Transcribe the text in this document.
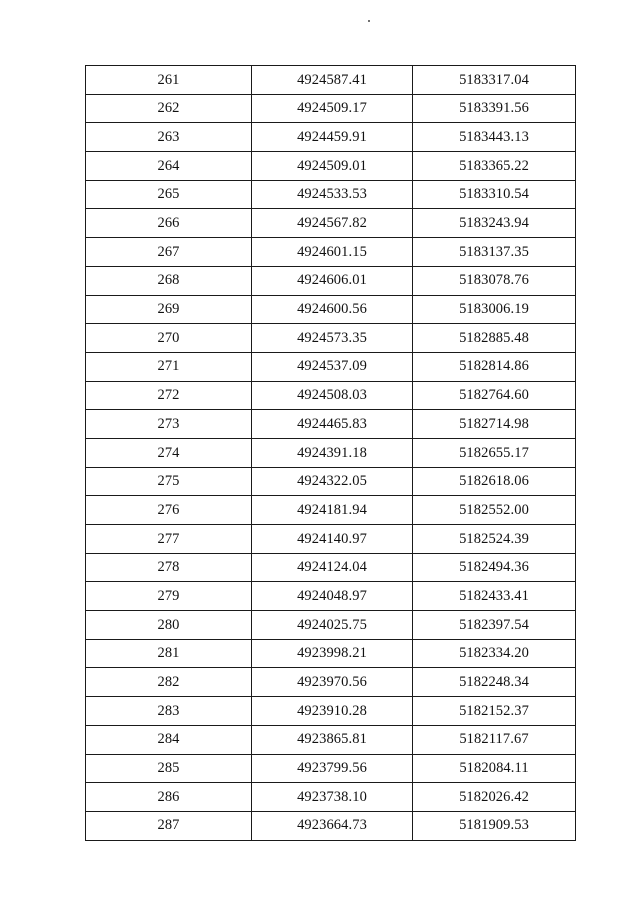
261	4924587.41	5183317.04
262	4924509.17	5183391.56
263	4924459.91	5183443.13
264	4924509.01	5183365.22
265	4924533.53	5183310.54
266	4924567.82	5183243.94
267	4924601.15	5183137.35
268	4924606.01	5183078.76
269	4924600.56	5183006.19
270	4924573.35	5182885.48
271	4924537.09	5182814.86
272	4924508.03	5182764.60
273	4924465.83	5182714.98
274	4924391.18	5182655.17
275	4924322.05	5182618.06
276	4924181.94	5182552.00
277	4924140.97	5182524.39
278	4924124.04	5182494.36
279	4924048.97	5182433.41
280	4924025.75	5182397.54
281	4923998.21	5182334.20
282	4923970.56	5182248.34
283	4923910.28	5182152.37
284	4923865.81	5182117.67
285	4923799.56	5182084.11
286	4923738.10	5182026.42
287	4923664.73	5181909.53
